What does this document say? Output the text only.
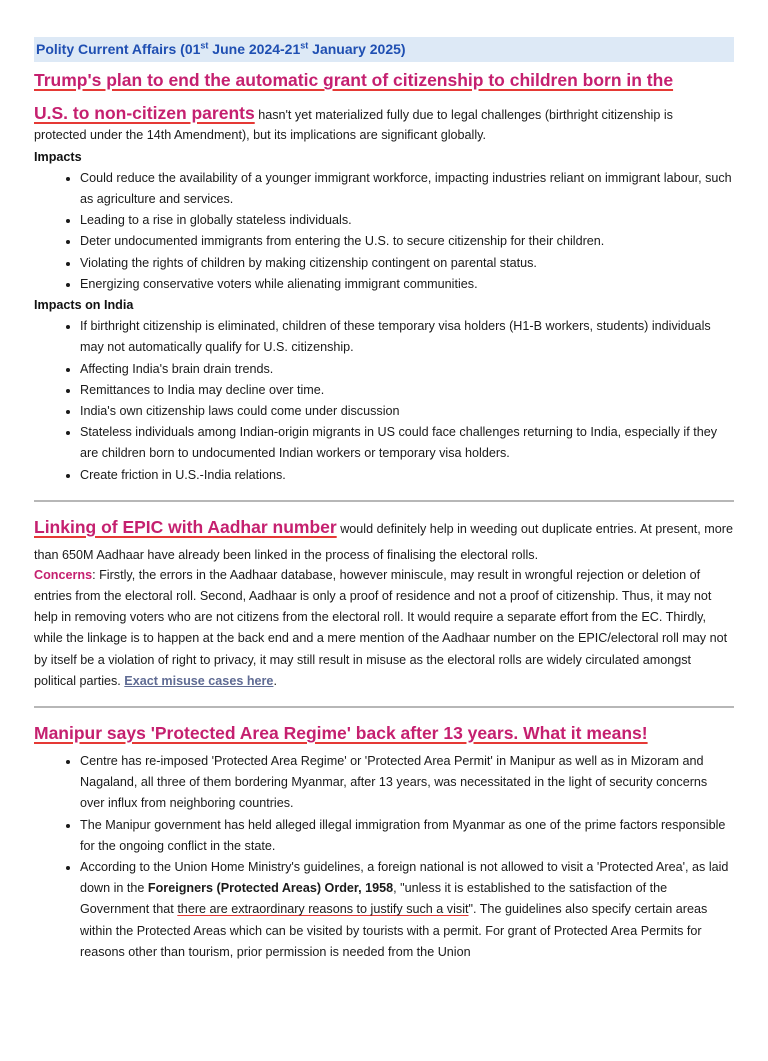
Polity Current Affairs (01st June 2024-21st January 2025)
Trump's plan to end the automatic grant of citizenship to children born in the

U.S. to non-citizen parents hasn't yet materialized fully due to legal challenges (birthright citizenship is

protected under the 14th Amendment), but its implications are significant globally.

Impacts

• Could reduce the availability of a younger immigrant workforce, impacting industries reliant on immigrant labour, such as agriculture and services.
• Leading to a rise in globally stateless individuals.
• Deter undocumented immigrants from entering the U.S. to secure citizenship for their children.
• Violating the rights of children by making citizenship contingent on parental status.
• Energizing conservative voters while alienating immigrant communities.

Impacts on India

• If birthright citizenship is eliminated, children of these temporary visa holders (H1-B workers, students) individuals may not automatically qualify for U.S. citizenship.
• Affecting India's brain drain trends.
• Remittances to India may decline over time.
• India's own citizenship laws could come under discussion
• Stateless individuals among Indian-origin migrants in US could face challenges returning to India, especially if they are children born to undocumented Indian workers or temporary visa holders.
• Create friction in U.S.-India relations.

Linking of EPIC with Aadhar number would definitely help in weeding out duplicate entries. At present, more than 650M Aadhaar have already been linked in the process of finalising the electoral rolls.

Concerns: Firstly, the errors in the Aadhaar database, however miniscule, may result in wrongful rejection or deletion of entries from the electoral roll. Second, Aadhaar is only a proof of residence and not a proof of citizenship. Thus, it may not help in removing voters who are not citizens from the electoral roll. It would require a separate effort from the EC. Thirdly, while the linkage is to happen at the back end and a mere mention of the Aadhaar number on the EPIC/electoral roll may not by itself be a violation of right to privacy, it may still result in misuse as the electoral rolls are widely circulated amongst political parties. Exact misuse cases here.

Manipur says 'Protected Area Regime' back after 13 years. What it means!
• Centre has re-imposed 'Protected Area Regime' or 'Protected Area Permit' in Manipur as well as in Mizoram and Nagaland, all three of them bordering Myanmar, after 13 years, was necessitated in the light of security concerns over influx from neighboring countries.
• The Manipur government has held alleged illegal immigration from Myanmar as one of the prime factors responsible for the ongoing conflict in the state.
• According to the Union Home Ministry's guidelines, a foreign national is not allowed to visit a 'Protected Area', as laid down in the Foreigners (Protected Areas) Order, 1958, "unless it is established to the satisfaction of the Government that there are extraordinary reasons to justify such a visit". The guidelines also specify certain areas within the Protected Areas which can be visited by tourists with a permit. For grant of Protected Area Permits for reasons other than tourism, prior permission is needed from the Union
